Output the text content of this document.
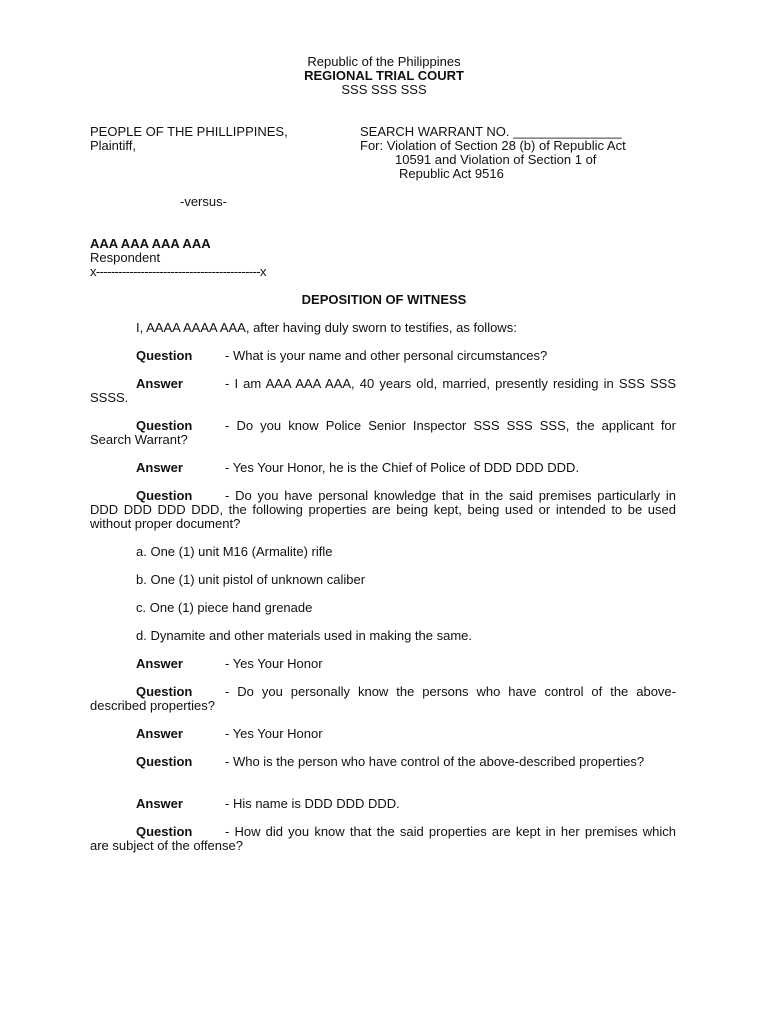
Republic of the Philippines
REGIONAL TRIAL COURT
SSS SSS SSS
PEOPLE OF THE PHILLIPPINES,
Plaintiff,
SEARCH WARRANT NO. _______________
For: Violation of Section 28 (b) of Republic Act
10591 and Violation of Section 1 of
Republic Act 9516
-versus-
AAA AAA AAA AAA
Respondent
x--------------------------------------------x
DEPOSITION OF WITNESS
I, AAAA AAAA AAA, after having duly sworn to testifies, as follows:
Question	- What is your name and other personal circumstances?
Answer	- I am AAA AAA AAA, 40 years old, married, presently residing in SSS SSS SSSS.
Question	- Do you know Police Senior Inspector SSS SSS SSS, the applicant for Search Warrant?
Answer	- Yes Your Honor, he is the Chief of Police of DDD DDD DDD.
Question	- Do you have personal knowledge that in the said premises particularly in DDD DDD DDD DDD, the following properties are being kept, being used or intended to be used without proper document?
a. One (1) unit M16 (Armalite) rifle
b. One (1) unit pistol of unknown caliber
c. One (1) piece hand grenade
d. Dynamite and other materials used in making the same.
Answer	- Yes Your Honor
Question	- Do you personally know the persons who have control of the above-described properties?
Answer	- Yes Your Honor
Question	- Who is the person who have control of the above-described properties?
Answer	- His name is DDD DDD DDD.
Question	- How did you know that the said properties are kept in her premises which are subject of the offense?
